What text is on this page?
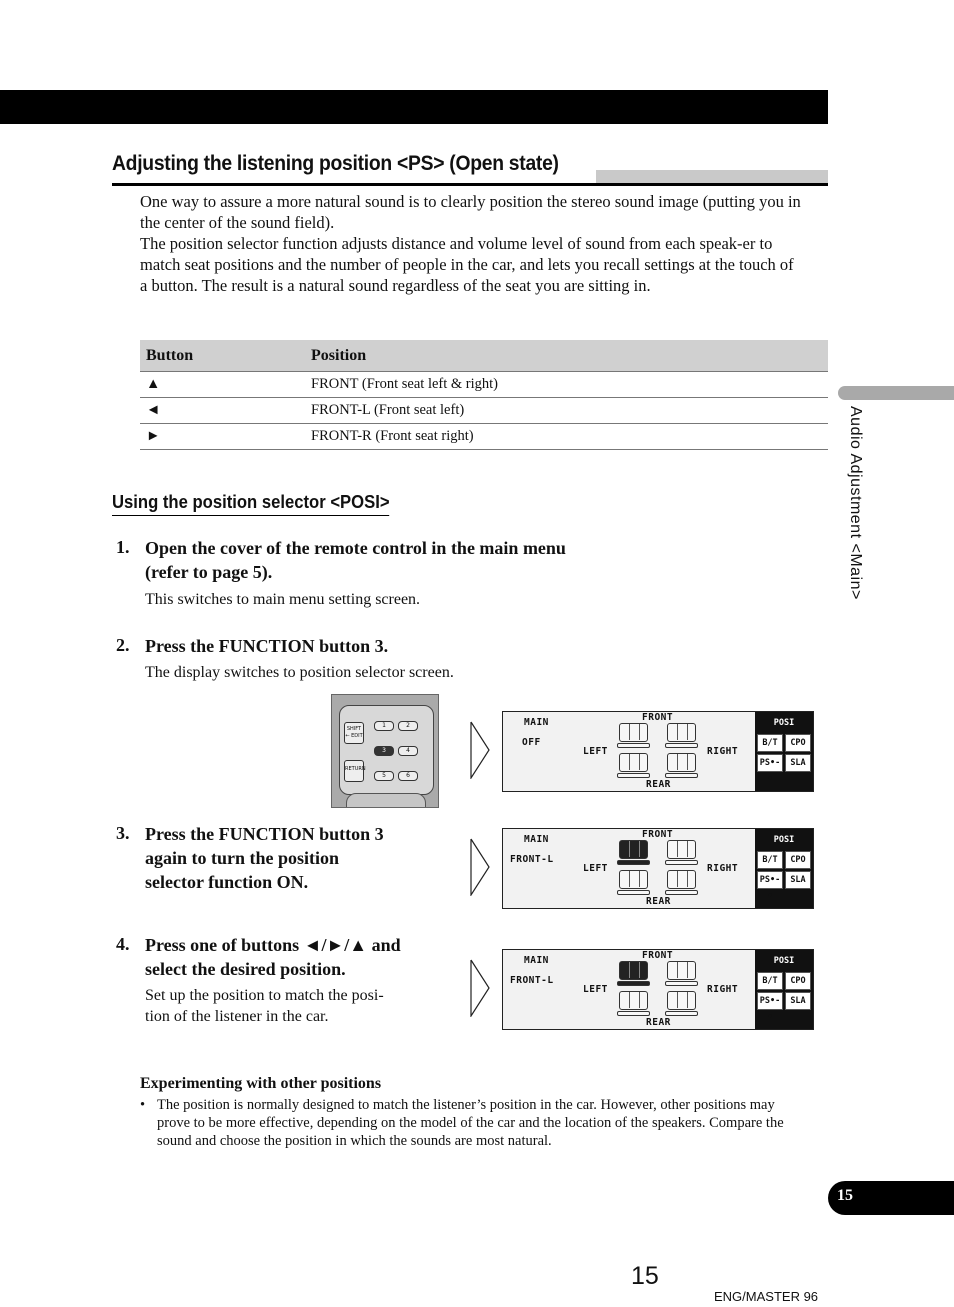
Adjusting the listening position <PS> (Open state)

One way to assure a more natural sound is to clearly position the stereo sound image (putting you in the center of the sound field).

The position selector function adjusts distance and volume level of sound from each speak-er to match seat positions and the number of people in the car, and lets you recall settings at the touch of a button. The result is a natural sound regardless of the seat you are sitting in.

Button	Position
▲	FRONT (Front seat left & right)
◄	FRONT-L (Front seat left)
►	FRONT-R (Front seat right)
Using the position selector <POSI>
1. Open the cover of the remote control in the main menu
(refer to page 5).
This switches to main menu setting screen.
2. Press the FUNCTION button 3.
The display switches to position selector screen.
SHIFT
← EDIT
RETURN
1	2
3	4
5	6
MAIN
OFF
FRONT
LEFT	RIGHT
REAR
POSI
B/T	CPO
PS•-•
SLA
3. Press the FUNCTION button 3
again to turn the position
selector function ON.
MAIN
FRONT-L
FRONT
LEFT	RIGHT
REAR
POSI
B/T	CPO
PS•-•
SLA
4. Press one of buttons ◄/►/▲ and
select the desired position.
Set up the position to match the posi-
tion of the listener in the car.
MAIN
FRONT-L
FRONT
LEFT	RIGHT
REAR
POSI
B/T	CPO
PS•-•
SLA
Experimenting with other positions
• The position is normally designed to match the listener’s position in the car. However, other positions may prove to be more effective, depending on the model of the car and the location of the speakers. Compare the sound and choose the position in which the sounds are most natural.
Audio Adjustment <Main>
15
15
ENG/MASTER 96
